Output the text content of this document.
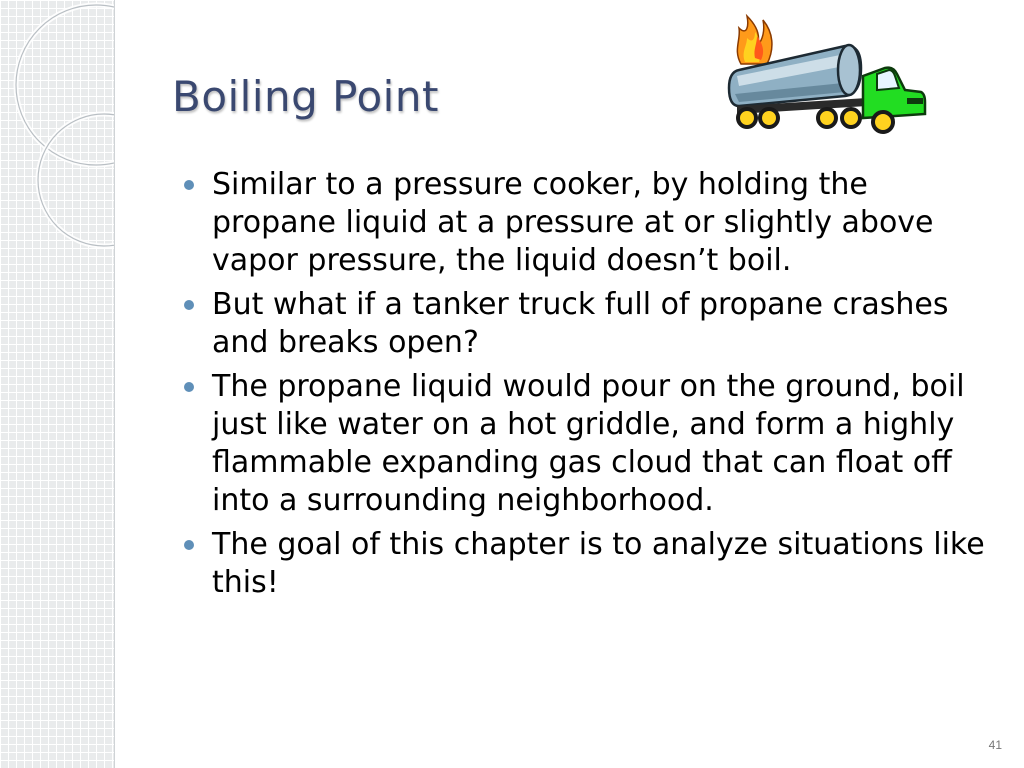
Boiling Point
Similar to a pressure cooker, by holding the propane liquid at a pressure at or slightly above vapor pressure, the liquid doesn’t boil.
But what if a tanker truck full of propane crashes and breaks open?
The propane liquid would pour on the ground, boil just like water on a hot griddle, and form a highly flammable expanding gas cloud that can float off into a surrounding neighborhood.
The goal of this chapter is to analyze situations like this!
41
